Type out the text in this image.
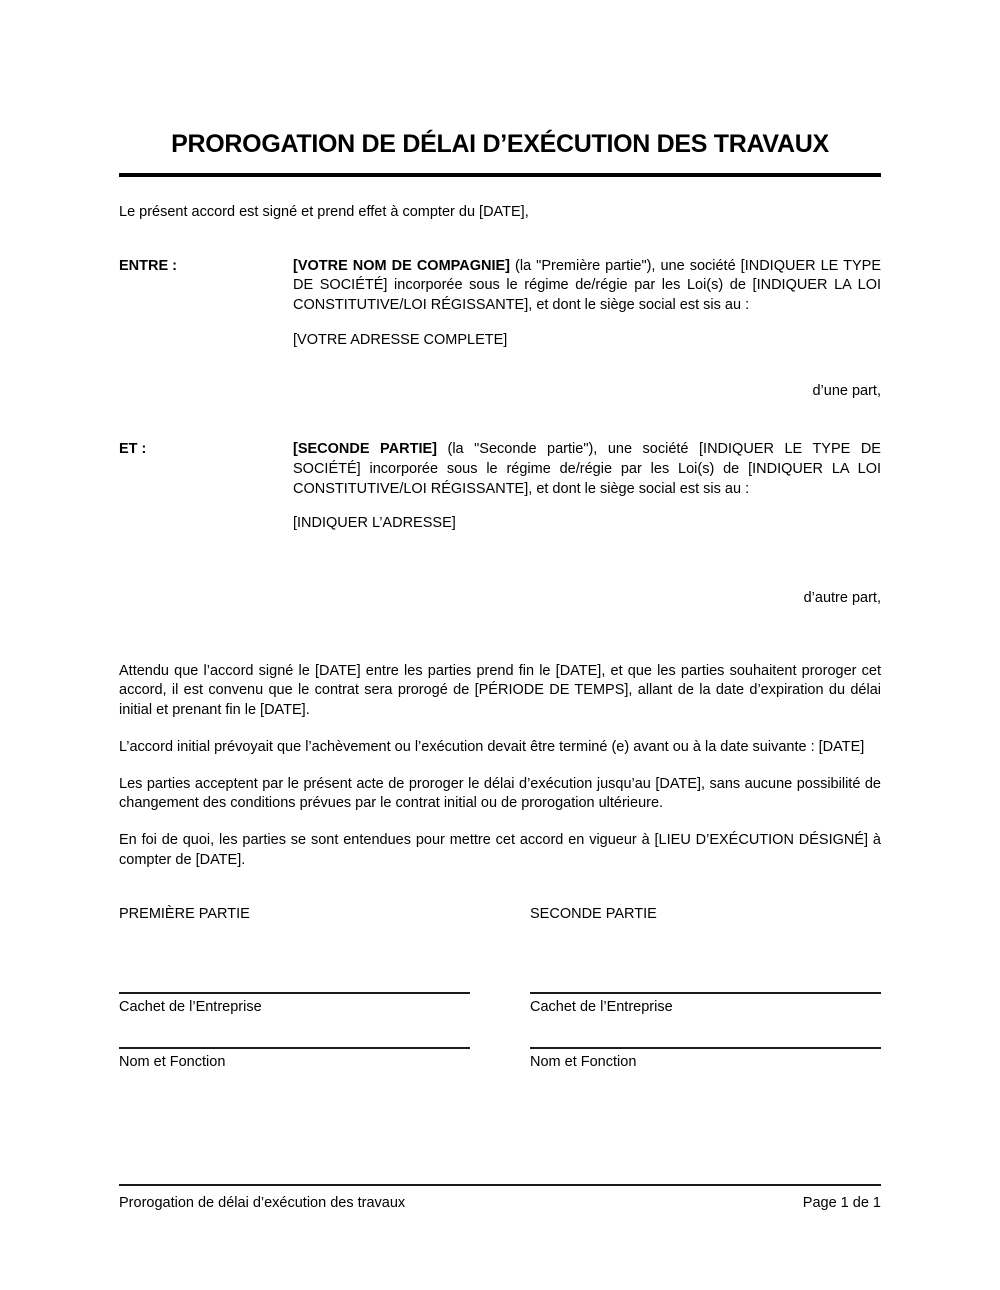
PROROGATION DE DÉLAI D’EXÉCUTION DES TRAVAUX

Le présent accord est signé et prend effet à compter du [DATE],

ENTRE :	[VOTRE NOM DE COMPAGNIE] (la "Première partie"), une société [INDIQUER LE TYPE DE SOCIÉTÉ] incorporée sous le régime de/régie par les Loi(s) de [INDIQUER LA LOI CONSTITUTIVE/LOI RÉGISSANTE], et dont le siège social est sis au :

[VOTRE ADRESSE COMPLETE]

d’une part,

ET :	[SECONDE PARTIE] (la "Seconde partie"), une société [INDIQUER LE TYPE DE SOCIÉTÉ] incorporée sous le régime de/régie par les Loi(s) de [INDIQUER LA LOI CONSTITUTIVE/LOI RÉGISSANTE], et dont le siège social est sis au :

[INDIQUER L’ADRESSE]

d’autre part,

Attendu que l’accord signé le [DATE] entre les parties prend fin le [DATE], et que les parties souhaitent proroger cet accord, il est convenu que le contrat sera prorogé de [PÉRIODE DE TEMPS], allant de la date d’expiration du délai initial et prenant fin le [DATE].

L’accord initial prévoyait que l’achèvement ou l’exécution devait être terminé (e) avant ou à la date suivante : [DATE]

Les parties acceptent par le présent acte de proroger le délai d’exécution jusqu’au [DATE], sans aucune possibilité de changement des conditions prévues par le contrat initial ou de prorogation ultérieure.

En foi de quoi, les parties se sont entendues pour mettre cet accord en vigueur à [LIEU D’EXÉCUTION DÉSIGNÉ] à compter de [DATE].

PREMIÈRE PARTIE

Cachet de l’Entreprise

Nom et Fonction

SECONDE PARTIE

Cachet de l’Entreprise

Nom et Fonction

Prorogation de délai d’exécution des travaux	Page 1 de 1
